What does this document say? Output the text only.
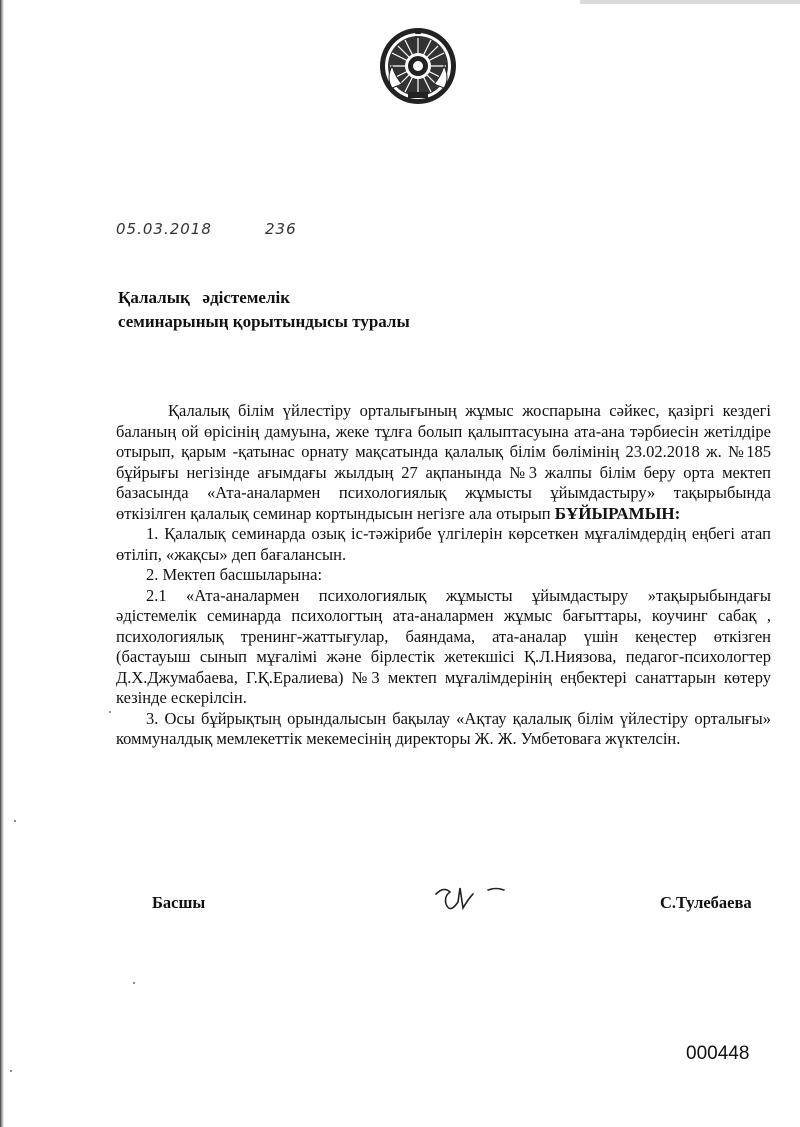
05.03.2018	236
Қалалық   әдістемелік
семинарының қорытындысы туралы

Қалалық білім үйлестіру орталығының жұмыс жоспарына сәйкес, қазіргі кездегі баланың ой өрісінің дамуына, жеке тұлға болып қалыптасуына ата-ана тәрбиесін жетілдіре отырып, қарым -қатынас орнату мақсатында қалалық білім бөлімінің 23.02.2018 ж. №185 бұйрығы негізінде ағымдағы жылдың 27 ақпанында №3 жалпы білім беру орта мектеп базасында «Ата-аналармен психологиялық жұмысты ұйымдастыру» тақырыбында өткізілген қалалық семинар кортындысын негізге ала отырып БҰЙЫРАМЫН:

1. Қалалық семинарда озық іс-тәжірибе үлгілерін көрсеткен мұғалімдердің еңбегі атап өтіліп, «жақсы» деп бағалансын.

2. Мектеп басшыларына:

2.1 «Ата-аналармен психологиялық жұмысты ұйымдастыру »тақырыбындағы әдістемелік семинарда психологтың ата-аналармен жұмыс бағыттары, коучинг сабақ , психологиялық тренинг-жаттығулар, баяндама, ата-аналар үшін кеңестер өткізген (бастауыш сынып мұғалімі және бірлестік жетекшісі Қ.Л.Ниязова, педагог-психологтер Д.Х.Джумабаева, Г.Қ.Ералиева) №3 мектеп мұғалімдерінің еңбектері санаттарын көтеру кезінде ескерілсін.

3. Осы бұйрықтың орындалысын бақылау «Ақтау қалалық білім үйлестіру орталығы» коммуналдық мемлекеттік мекемесінің директоры Ж. Ж. Умбетоваға жүктелсін.

Басшы	С.Тулебаева
000448
